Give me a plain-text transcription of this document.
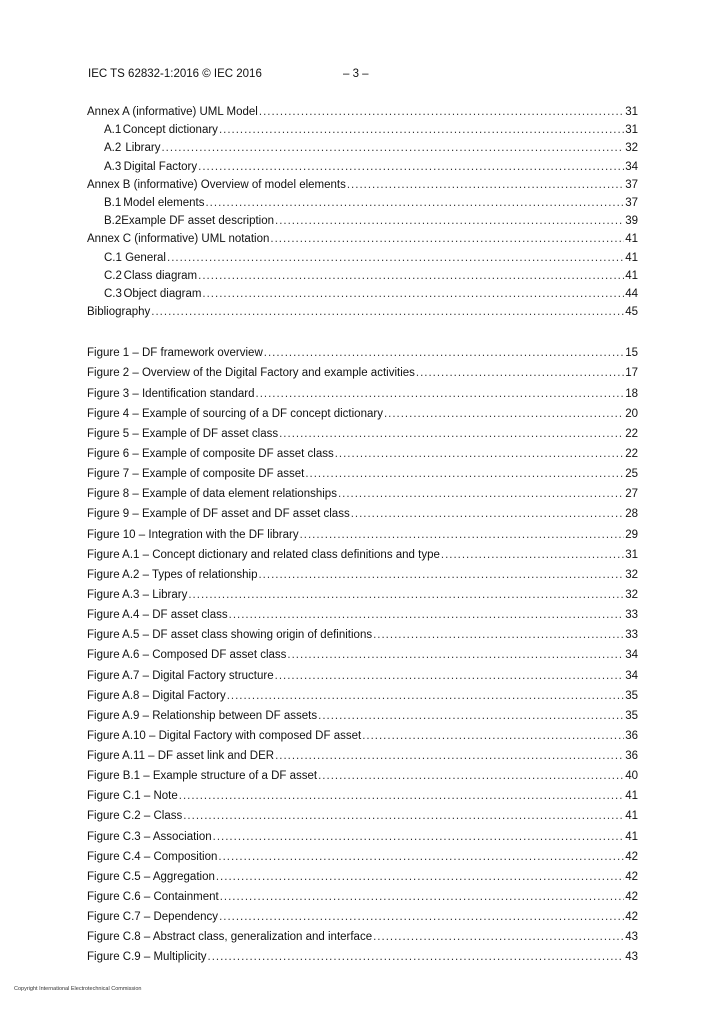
IEC TS 62832-1:2016 © IEC 2016	– 3 –
Annex A (informative) UML Model .....	31
A.1 Concept dictionary .....	31
A.2 Library .....	32
A.3 Digital Factory .....	34
Annex B (informative) Overview of model elements .....	37
B.1 Model elements .....	37
B.2 Example DF asset description .....	39
Annex C (informative) UML notation .....	41
C.1 General .....	41
C.2 Class diagram .....	41
C.3 Object diagram .....	44
Bibliography .....	45
Figure 1 – DF framework overview .....	15
Figure 2 – Overview of the Digital Factory and example activities .....	17
Figure 3 – Identification standard .....	18
Figure 4 – Example of sourcing of a DF concept dictionary .....	20
Figure 5 – Example of DF asset class .....	22
Figure 6 – Example of composite DF asset class .....	22
Figure 7 – Example of composite DF asset .....	25
Figure 8 – Example of data element relationships .....	27
Figure 9 – Example of DF asset and DF asset class .....	28
Figure 10 – Integration with the DF library .....	29
Figure A.1 – Concept dictionary and related class definitions and type .....	31
Figure A.2 – Types of relationship .....	32
Figure A.3 – Library .....	32
Figure A.4 – DF asset class .....	33
Figure A.5 – DF asset class showing origin of definitions .....	33
Figure A.6 – Composed DF asset class .....	34
Figure A.7 – Digital Factory structure .....	34
Figure A.8 – Digital Factory .....	35
Figure A.9 – Relationship between DF assets .....	35
Figure A.10 – Digital Factory with composed DF asset .....	36
Figure A.11 – DF asset link and DER .....	36
Figure B.1 – Example structure of a DF asset .....	40
Figure C.1 – Note .....	41
Figure C.2 – Class .....	41
Figure C.3 – Association .....	41
Figure C.4 – Composition .....	42
Figure C.5 – Aggregation .....	42
Figure C.6 – Containment .....	42
Figure C.7 – Dependency .....	42
Figure C.8 – Abstract class, generalization and interface .....	43
Figure C.9 – Multiplicity .....	43
Copyright International Electrotechnical Commission
